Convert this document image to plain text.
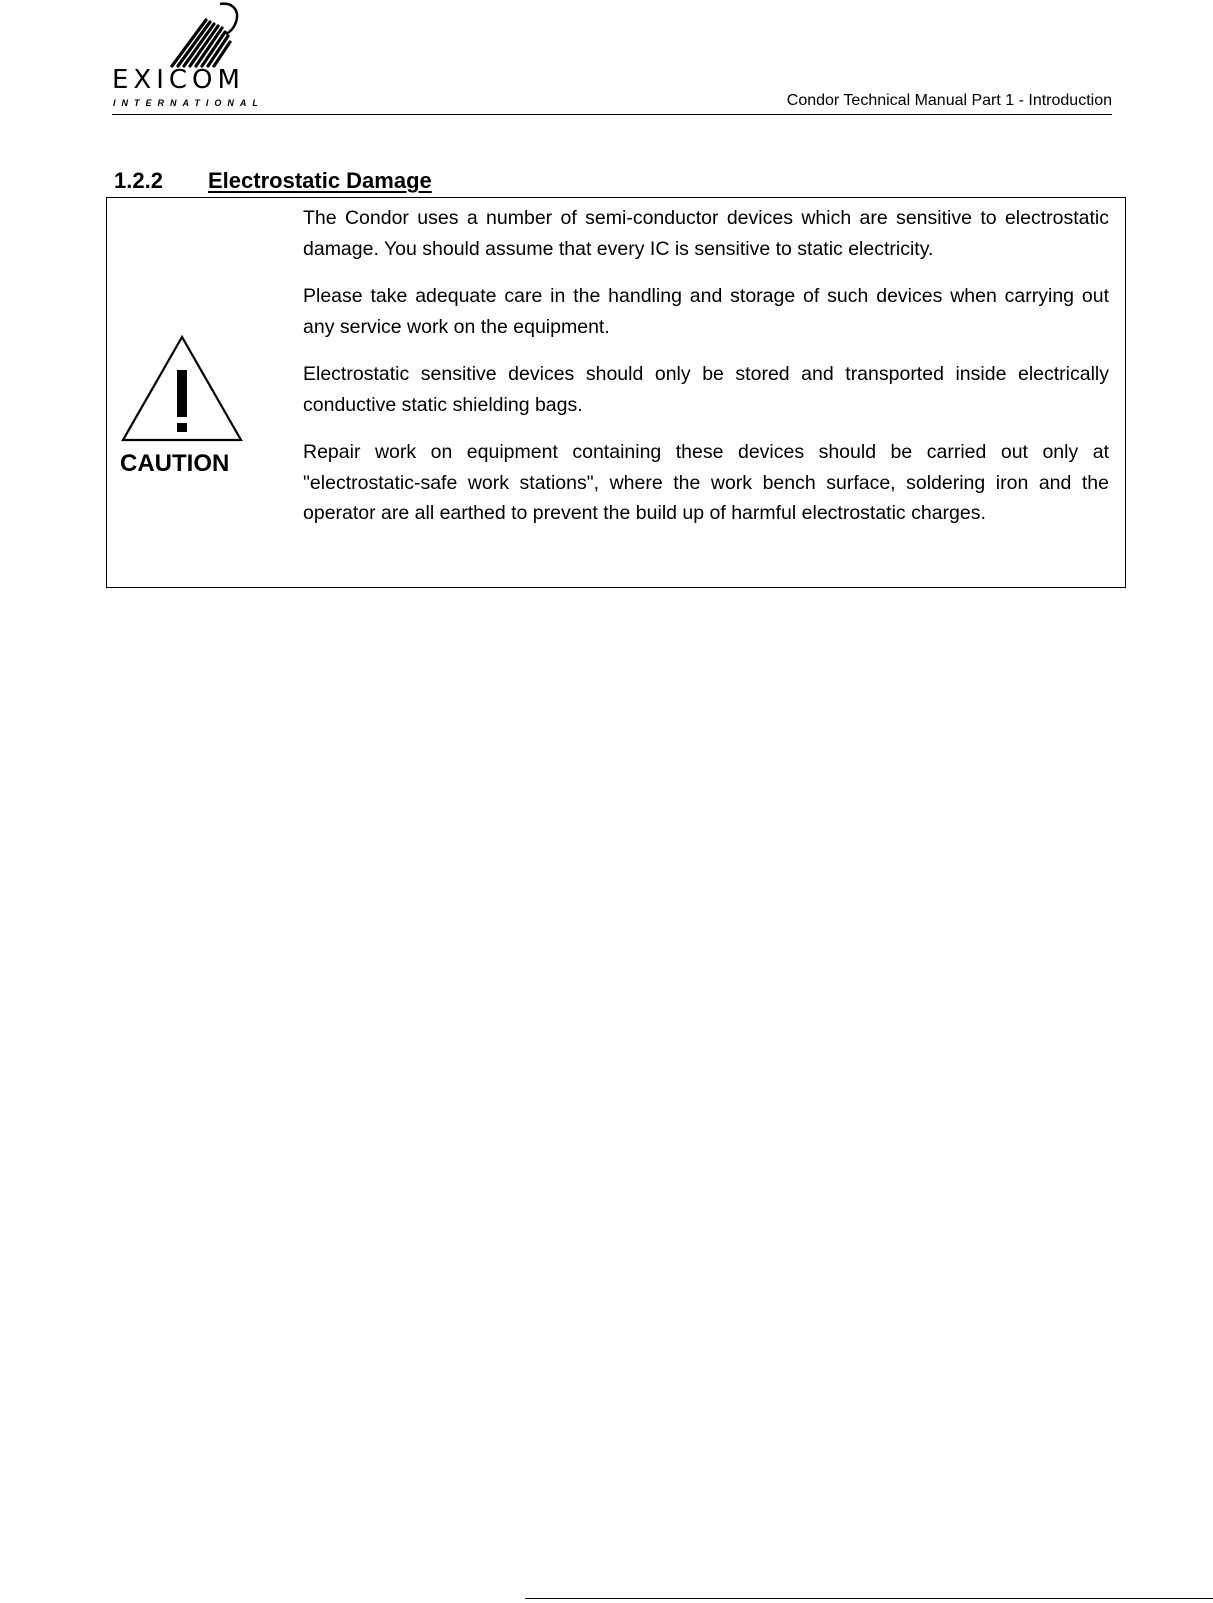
EXICOM
INTERNATIONAL	Condor Technical Manual Part 1 - Introduction
1.2.2 Electrostatic Damage
CAUTION

The Condor uses a number of semi-conductor devices which are sensitive to electrostatic damage. You should assume that every IC is sensitive to static electricity.

Please take adequate care in the handling and storage of such devices when carrying out any service work on the equipment.

Electrostatic sensitive devices should only be stored and transported inside electrically conductive static shielding bags.

Repair work on equipment containing these devices should be carried out only at "electrostatic-safe work stations", where the work bench surface, soldering iron and the operator are all earthed to prevent the build up of harmful electrostatic charges.
